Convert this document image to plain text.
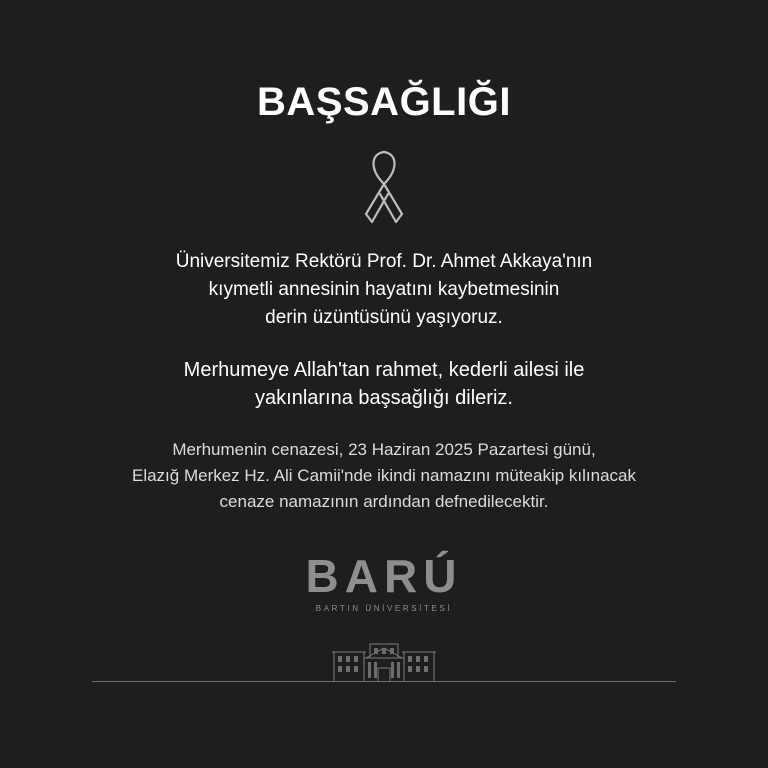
BAŞSAĞLIĞI
Üniversitemiz Rektörü Prof. Dr. Ahmet Akkaya'nın
kıymetli annesinin hayatını kaybetmesinin
derin üzüntüsünü yaşıyoruz.
Merhumeye Allah'tan rahmet, kederli ailesi ile
yakınlarına başsağlığı dileriz.
Merhumenin cenazesi, 23 Haziran 2025 Pazartesi günü,
Elazığ Merkez Hz. Ali Camii'nde ikindi namazını müteakip kılınacak
cenaze namazının ardından defnedilecektir.
BARÚ
BARTIN ÜNİVERSİTESİ
